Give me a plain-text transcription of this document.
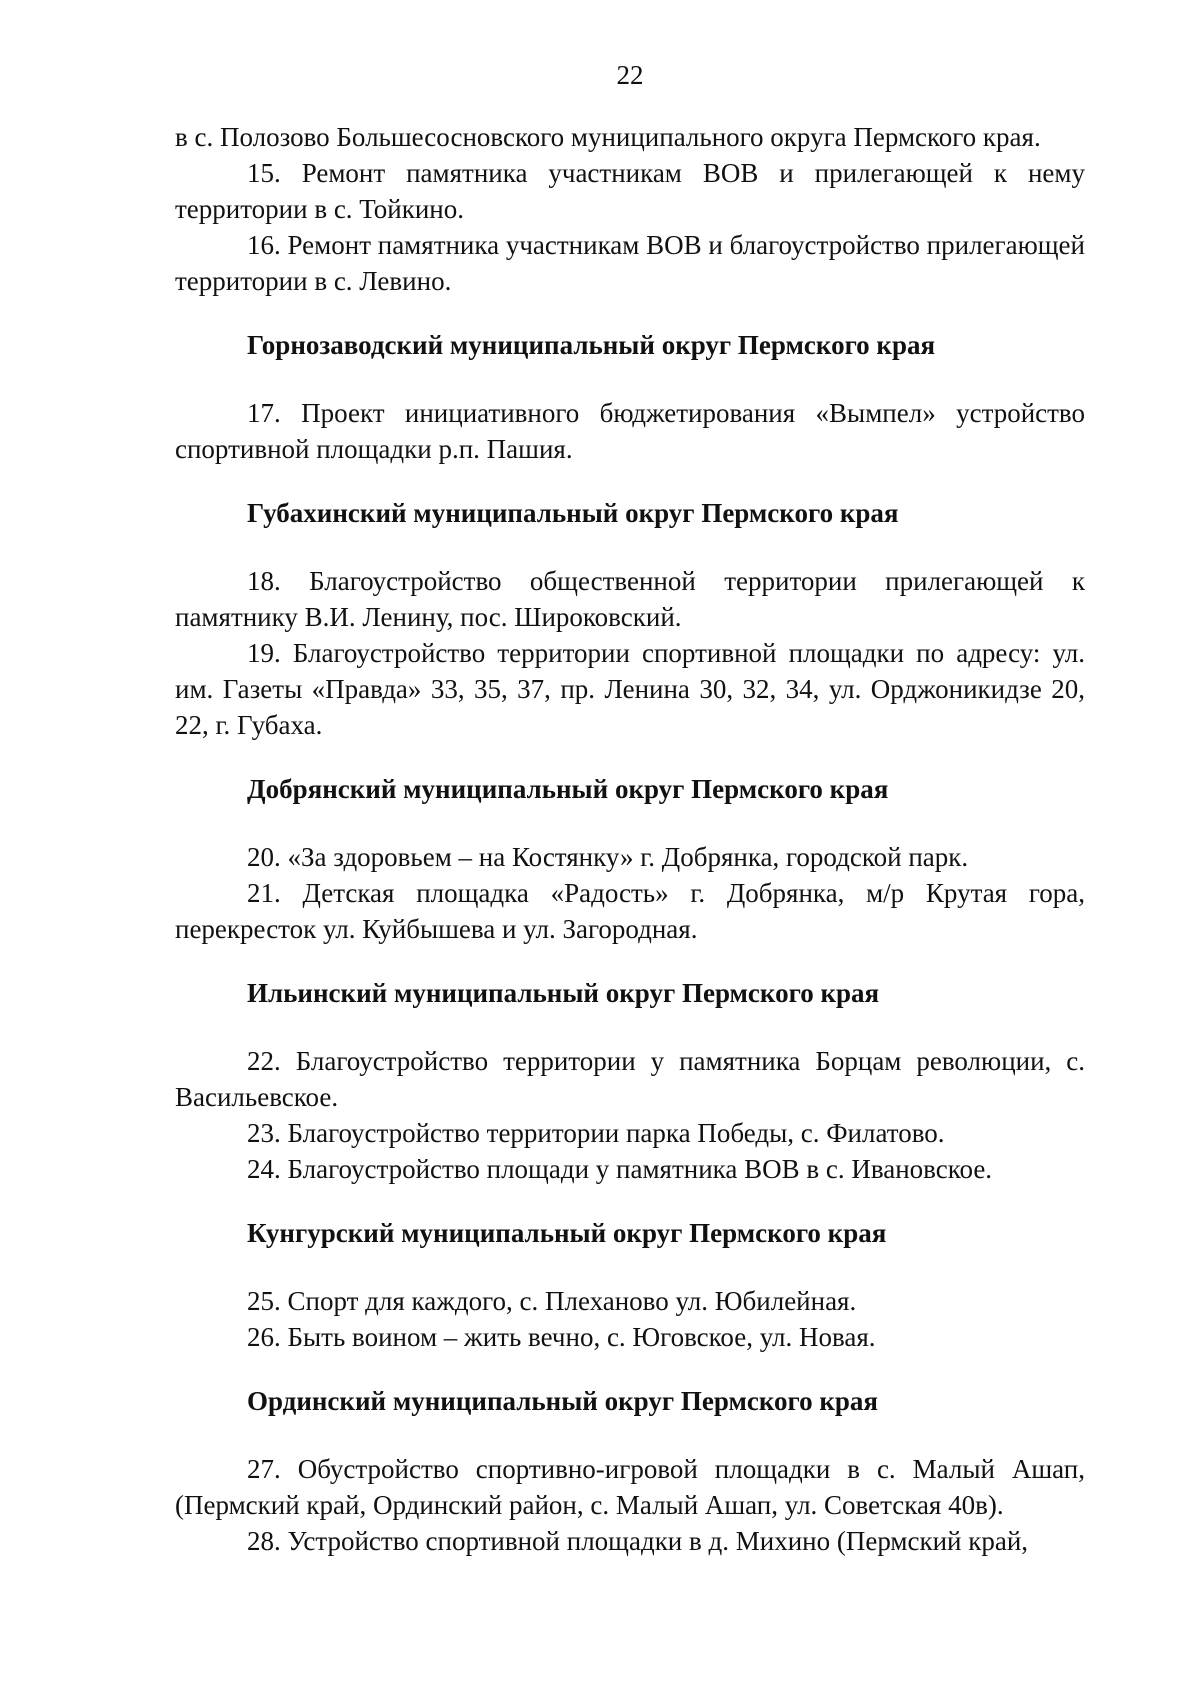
22

в с. Полозово Большесосновского муниципального округа Пермского края.

15. Ремонт памятника участникам ВОВ и прилегающей к нему территории в с. Тойкино.

16. Ремонт памятника участникам ВОВ и благоустройство прилегающей территории в с. Левино.

Горнозаводский муниципальный округ Пермского края

17. Проект инициативного бюджетирования «Вымпел» устройство спортивной площадки р.п. Пашия.

Губахинский муниципальный округ Пермского края

18. Благоустройство общественной территории прилегающей к памятнику В.И. Ленину, пос. Широковский.

19. Благоустройство территории спортивной площадки по адресу: ул. им. Газеты «Правда» 33, 35, 37, пр. Ленина 30, 32, 34, ул. Орджоникидзе 20, 22, г. Губаха.

Добрянский муниципальный округ Пермского края

20. «За здоровьем – на Костянку» г. Добрянка, городской парк.

21. Детская площадка «Радость» г. Добрянка, м/р Крутая гора, перекресток ул. Куйбышева и ул. Загородная.

Ильинский муниципальный округ Пермского края

22. Благоустройство территории у памятника Борцам революции, с. Васильевское.

23. Благоустройство территории парка Победы, с. Филатово.

24. Благоустройство площади у памятника ВОВ в с. Ивановское.

Кунгурский муниципальный округ Пермского края

25. Спорт для каждого, с. Плеханово ул. Юбилейная.

26. Быть воином – жить вечно, с. Юговское, ул. Новая.

Ординский муниципальный округ Пермского края

27. Обустройство спортивно-игровой площадки в с. Малый Ашап, (Пермский край, Ординский район, с. Малый Ашап, ул. Советская 40в).

28. Устройство спортивной площадки в д. Михино (Пермский край,
